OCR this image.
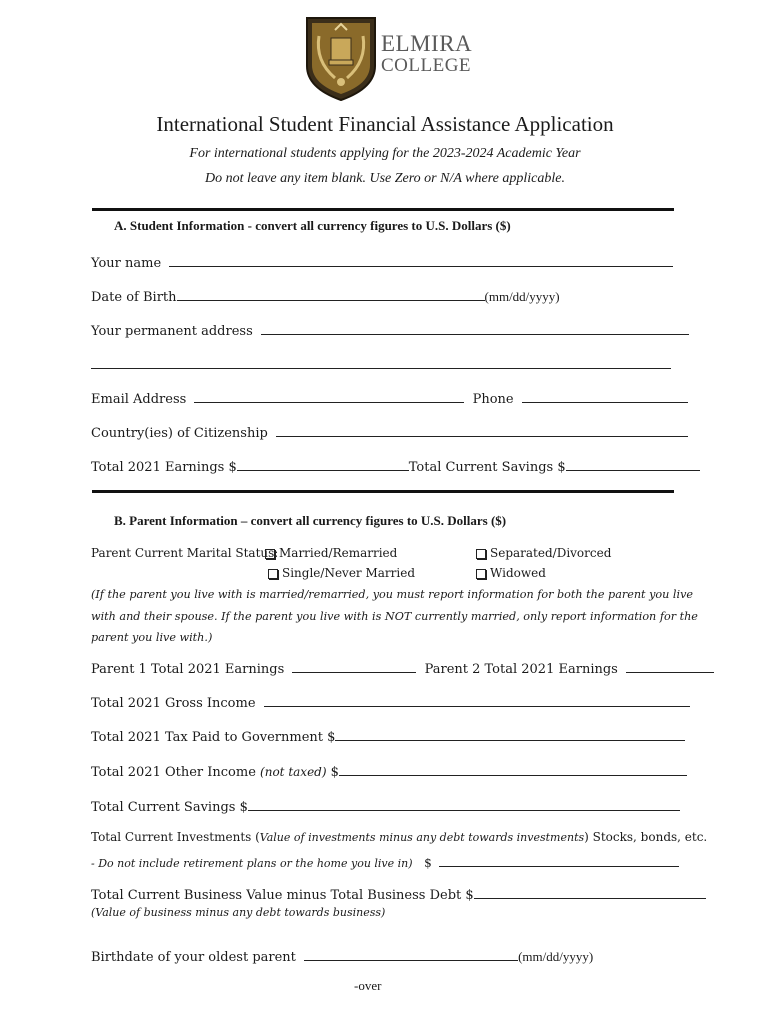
ELMIRA
COLLEGE
International Student Financial Assistance Application
For international students applying for the 2023-2024 Academic Year
Do not leave any item blank. Use Zero or N/A where applicable.
A. Student Information - convert all currency figures to U.S. Dollars ($)
Your name
Date of Birth	(mm/dd/yyyy)
Your permanent address
Email Address	Phone
Country(ies) of Citizenship
Total 2021 Earnings $	Total Current Savings $
B. Parent Information – convert all currency figures to U.S. Dollars ($)
Parent Current Marital Status: Married/Remarried	Separated/Divorced
Single/Never Married	Widowed
(If the parent you live with is married/remarried, you must report information for both the parent you live
with and their spouse. If the parent you live with is NOT currently married, only report information for the
parent you live with.)
Parent 1 Total 2021 Earnings	Parent 2 Total 2021 Earnings
Total 2021 Gross Income
Total 2021 Tax Paid to Government $
Total 2021 Other Income (not taxed) $
Total Current Savings $
Total Current Investments (Value of investments minus any debt towards investments) Stocks, bonds, etc.
- Do not include retirement plans or the home you live in) $
Total Current Business Value minus Total Business Debt $
(Value of business minus any debt towards business)
Birthdate of your oldest parent	(mm/dd/yyyy)
-over
